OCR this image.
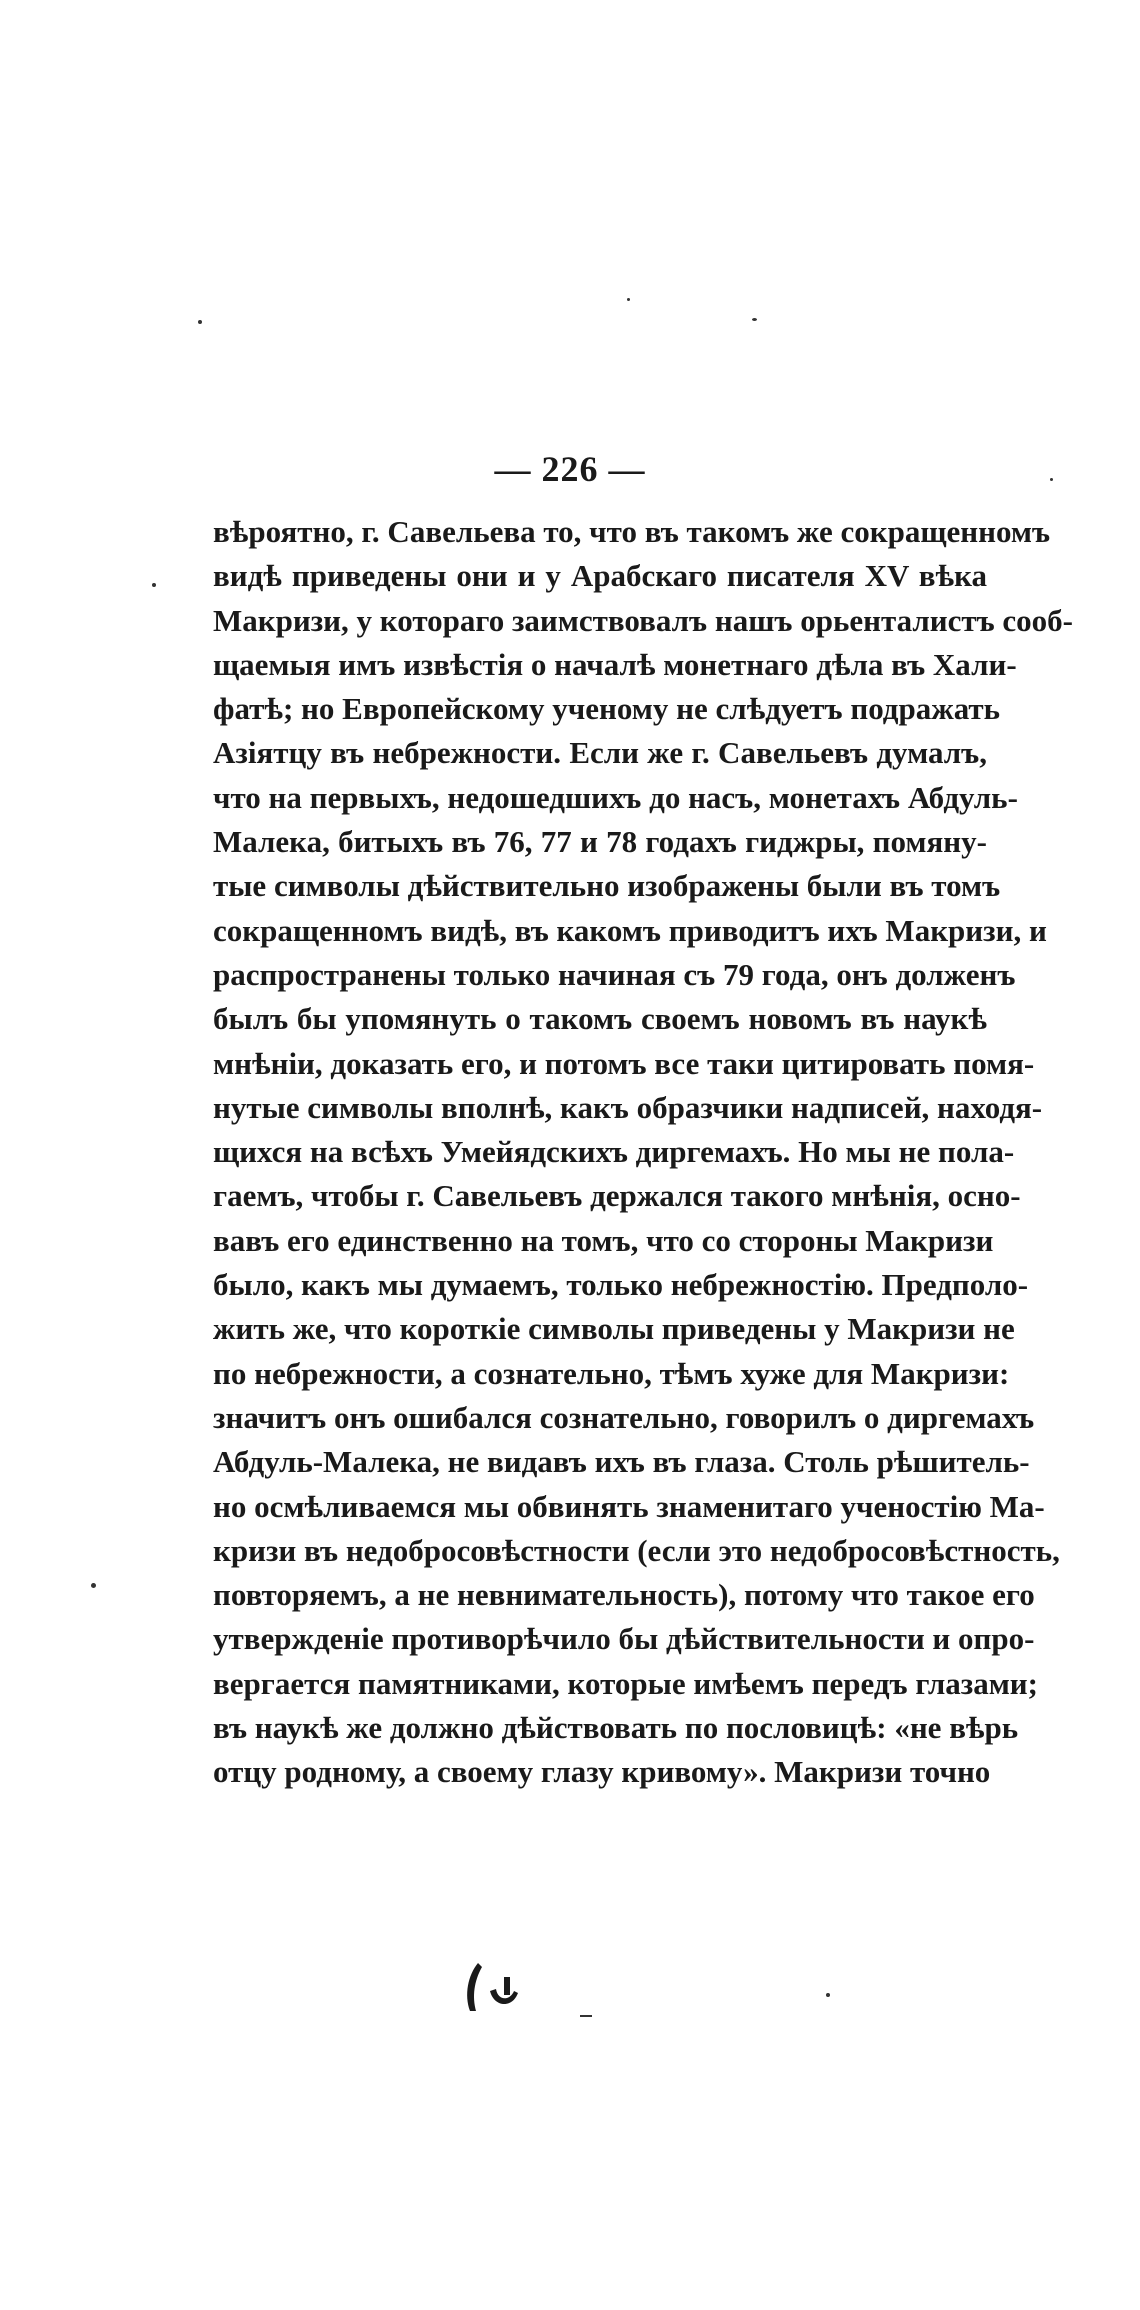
— 226 —
вѣроятно, г. Савельева то, что въ такомъ же сокращенномъ
видѣ приведены они и у Арабскаго писателя XV вѣка
Макризи, у котораго заимствовалъ нашъ орьенталистъ сооб-
щаемыя имъ извѣстія о началѣ монетнаго дѣла въ Хали-
фатѣ; но Европейскому ученому не слѣдуетъ подражать
Азіятцу въ небрежности. Если же г. Савельевъ думалъ,
что на первыхъ, недошедшихъ до насъ, монетахъ Абдуль-
Малека, битыхъ въ 76, 77 и 78 годахъ гиджры, помяну-
тые символы дѣйствительно изображены были въ томъ
сокращенномъ видѣ, въ какомъ приводитъ ихъ Макризи, и
распространены только начиная съ 79 года, онъ долженъ
былъ бы упомянуть о такомъ своемъ новомъ въ наукѣ
мнѣніи, доказать его, и потомъ все таки цитировать помя-
нутые символы вполнѣ, какъ образчики надписей, находя-
щихся на всѣхъ Умейядскихъ диргемахъ. Но мы не пола-
гаемъ, чтобы г. Савельевъ держался такого мнѣнія, осно-
вавъ его единственно на томъ, что со стороны Макризи
было, какъ мы думаемъ, только небрежностію. Предполо-
жить же, что короткіе символы приведены у Макризи не
по небрежности, а сознательно, тѣмъ хуже для Макризи:
значитъ онъ ошибался сознательно, говорилъ о диргемахъ
Абдуль-Малека, не видавъ ихъ въ глаза. Столь рѣшитель-
но осмѣливаемся мы обвинять знаменитаго ученостію Ма-
кризи въ недобросовѣстности (если это недобросовѣстность,
повторяемъ, а не невнимательность), потому что такое его
утвержденіе противорѣчило бы дѣйствительности и опро-
вергается памятниками, которые имѣемъ передъ глазами;
въ наукѣ же должно дѣйствовать по пословицѣ: «не вѣрь
отцу родному, а своему глазу кривому». Макризи точно
